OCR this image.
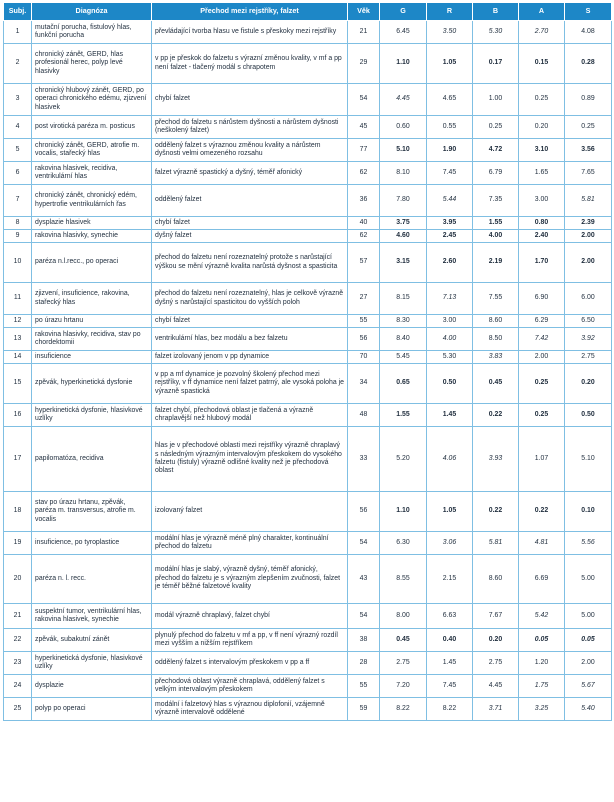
Subj.	Diagnóza	Přechod mezi rejstříky, falzet	Věk	G	R	B	A	S
1	mutační porucha, fistulový hlas, funkční porucha	převládající tvorba hlasu ve fistule s přeskoky mezi rejstříky	21	6.45	3.50	5.30	2.70	4.08
2	chronický zánět, GERD, hlas profesionál herec, polyp levé hlasivky	v pp je přeskok do falzetu s výrazní změnou kvality, v mf a pp není falzet - tlačený modál s chrapotem	29	1.10	1.05	0.17	0.15	0.28
3	chronický hlubový zánět, GERD, po operaci chronického edému, zjizvení hlasivek	chybí falzet	54	4.45	4.65	1.00	0.25	0.89
4	post virotická paréza m. posticus	přechod do falzetu s nárůstem dyšnosti a nárůstem dyšnosti (neškolený falzet)	45	0.60	0.55	0.25	0.20	0.25
5	chronický zánět, GERD, atrofie m. vocalis, stařecký hlas	oddělený falzet s výraznou změnou kvality a nárůstem dyšnosti velmi omezeného rozsahu	77	5.10	1.90	4.72	3.10	3.56
6	rakovina hlasivek, recidiva, ventrikulární hlas	falzet výrazně spastický a dyšný, téměř afonický	62	8.10	7.45	6.79	1.65	7.65
7	chronický zánět, chronický edém, hypertrofie ventrikulárních řas	oddělený falzet	36	7.80	5.44	7.35	3.00	5.81
8	dysplazie hlasivek	chybí falzet	40	3.75	3.95	1.55	0.80	2.39
9	rakovina hlasivky, synechie	dyšný falzet	62	4.60	2.45	4.00	2.40	2.00
10	paréza n.l.recc., po operaci	přechod do falzetu není rozeznatelný protože s narůstající výškou se mění výrazně kvalita narůstá dyšnost a spasticita	57	3.15	2.60	2.19	1.70	2.00
11	zjizvení, insuficience, rakovina, stařecký hlas	přechod do falzetu není rozeznatelný, hlas je celkově výrazně dyšný s narůstající spasticitou do vyšších poloh	27	8.15	7.13	7.55	6.90	6.00
12	po úrazu hrtanu	chybí falzet	55	8.30	3.00	8.60	6.29	6.50
13	rakovina hlasivky, recidiva, stav po chordektomii	ventrikulární hlas, bez modálu a bez falzetu	56	8.40	4.00	8.50	7.42	3.92
14	insuficience	falzet izolovaný jenom v pp dynamice	70	5.45	5.30	3.83	2.00	2.75
15	zpěvák, hyperkinetická dysfonie	v pp a mf dynamice je pozvolný školený přechod mezi rejstříky, v ff dynamice není falzet patrný, ale vysoká poloha je výrazně spastická	34	0.65	0.50	0.45	0.25	0.20
16	hyperkinetická dysfonie, hlasivkové uzlíky	falzet chybí, přechodová oblast je tlačená a výrazně chraplavější než hlubový modál	48	1.55	1.45	0.22	0.25	0.50
17	papilomatóza, recidiva	hlas je v přechodové oblasti mezi rejstříky výrazně chraplavý s následným výrazným intervalovým přeskokem do vysokého falzetu (fistuly) výrazně odlišné kvality než je přechodová oblast	33	5.20	4.06	3.93	1.07	5.10
18	stav po úrazu hrtanu, zpěvák, paréza m. transversus, atrofie m. vocalis	izolovaný falzet	56	1.10	1.05	0.22	0.22	0.10
19	insuficience, po tyroplastice	modální hlas je výrazně méně plný charakter, kontinuální přechod do falzetu	54	6.30	3.06	5.81	4.81	5.56
20	paréza n. l. recc.	modální hlas je slabý, výrazně dyšný, téměř afonický, přechod do falzetu je s výrazným zlepšením zvučnosti, falzet je téměř běžné falzetové kvality	43	8.55	2.15	8.60	6.69	5.00
21	suspektní tumor, ventrikulární hlas, rakovina hlasivek, synechie	modál výrazně chraplavý, falzet chybí	54	8.00	6.63	7.67	5.42	5.00
22	zpěvák, subakutní zánět	plynulý přechod do falzetu v mf a pp, v ff není výrazný rozdíl mezi vyšším a nižším rejstříkem	38	0.45	0.40	0.20	0.05	0.05
23	hyperkinetická dysfonie, hlasivkové uzlíky	oddělený falzet s intervalovým přeskokem v pp a ff	28	2.75	1.45	2.75	1.20	2.00
24	dysplazie	přechodová oblast výrazně chraplavá, oddělený falzet s velkým intervalovým přeskokem	55	7.20	7.45	4.45	1.75	5.67
25	polyp po operaci	modální i falzetový hlas s výraznou diplofonií, vzájemně výrazně intervalově oddělené	59	8.22	8.22	3.71	3.25	5.40
